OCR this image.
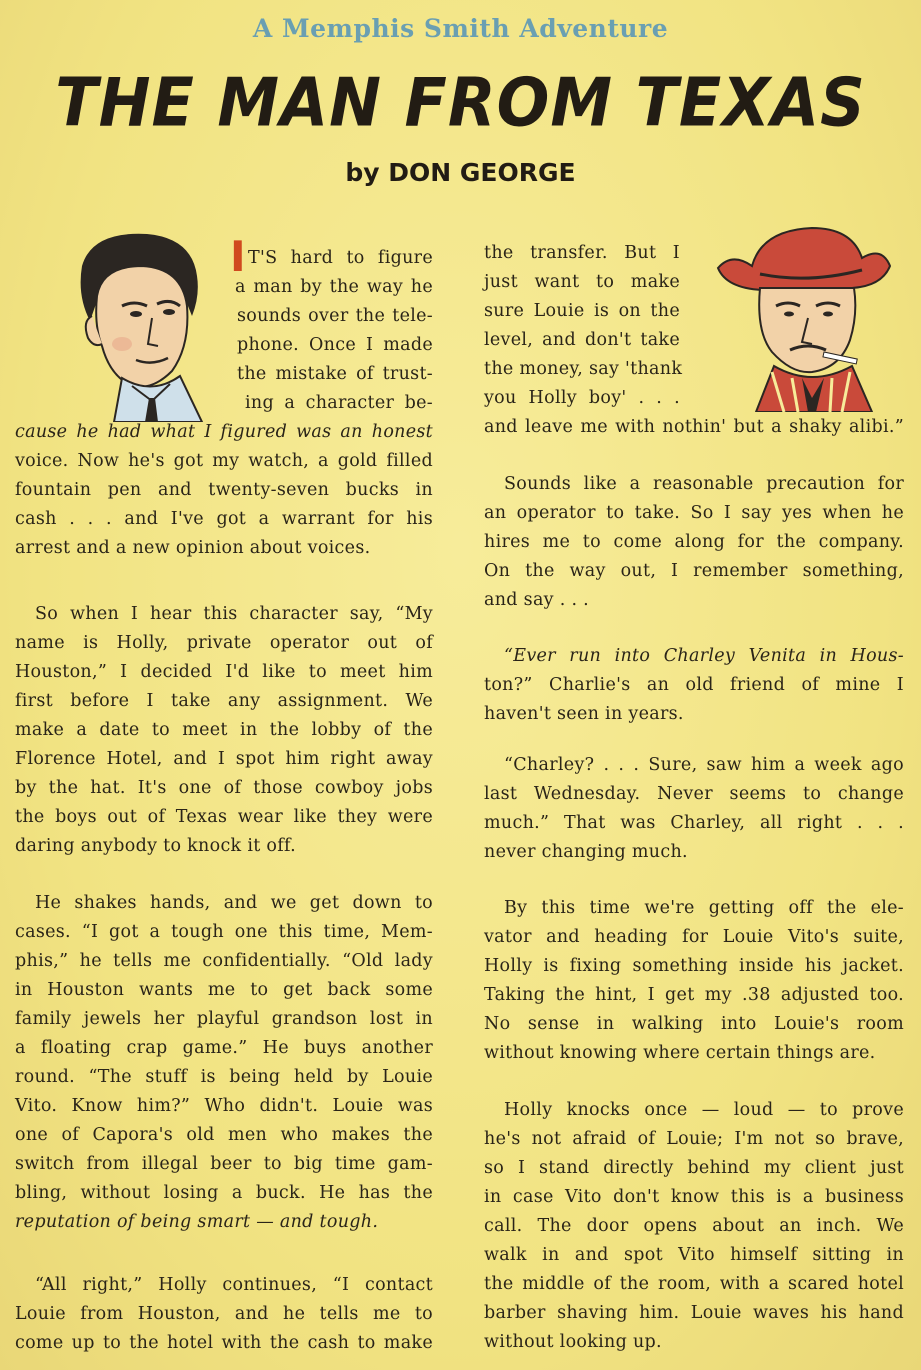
A Memphis Smith Adventure
THE MAN FROM TEXAS
by DON GEORGE
I T'S hard to figure
a man by the way he
sounds over the tele-
phone. Once I made
the mistake of trust-
ing a character be-
cause he had what I figured was an honest
voice. Now he's got my watch, a gold filled
fountain pen and twenty-seven bucks in
cash . . . and I've got a warrant for his
arrest and a new opinion about voices.
So when I hear this character say, “My
name is Holly, private operator out of
Houston,” I decided I'd like to meet him
first before I take any assignment. We
make a date to meet in the lobby of the
Florence Hotel, and I spot him right away
by the hat. It's one of those cowboy jobs
the boys out of Texas wear like they were
daring anybody to knock it off.
He shakes hands, and we get down to
cases. “I got a tough one this time, Mem-
phis,” he tells me confidentially. “Old lady
in Houston wants me to get back some
family jewels her playful grandson lost in
a floating crap game.” He buys another
round. “The stuff is being held by Louie
Vito. Know him?” Who didn't. Louie was
one of Capora's old men who makes the
switch from illegal beer to big time gam-
bling, without losing a buck. He has the
reputation of being smart — and tough.
“All right,” Holly continues, “I contact
Louie from Houston, and he tells me to
come up to the hotel with the cash to make
the transfer. But I
just want to make
sure Louie is on the
level, and don't take
the money, say 'thank
you Holly boy' . . .
and leave me with nothin' but a shaky alibi.”
Sounds like a reasonable precaution for
an operator to take. So I say yes when he
hires me to come along for the company.
On the way out, I remember something,
and say . . .
“Ever run into Charley Venita in Hous-
ton?” Charlie's an old friend of mine I
haven't seen in years.
“Charley? . . . Sure, saw him a week ago
last Wednesday. Never seems to change
much.” That was Charley, all right . . .
never changing much.
By this time we're getting off the ele-
vator and heading for Louie Vito's suite,
Holly is fixing something inside his jacket.
Taking the hint, I get my .38 adjusted too.
No sense in walking into Louie's room
without knowing where certain things are.
Holly knocks once — loud — to prove
he's not afraid of Louie; I'm not so brave,
so I stand directly behind my client just
in case Vito don't know this is a business
call. The door opens about an inch. We
walk in and spot Vito himself sitting in
the middle of the room, with a scared hotel
barber shaving him. Louie waves his hand
without looking up.
